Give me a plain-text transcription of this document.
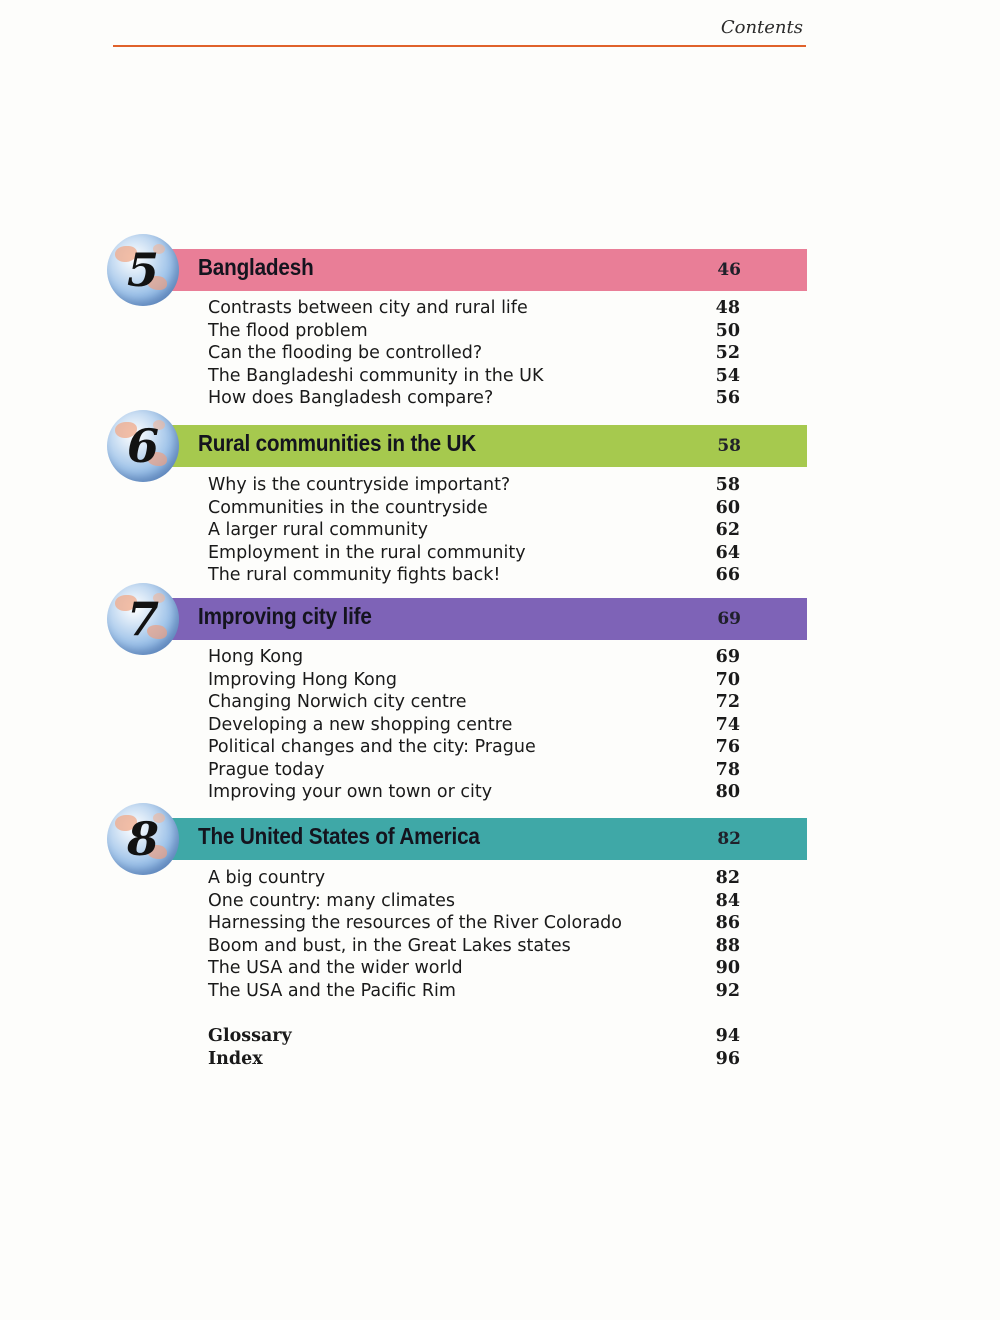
Contents
Bangladesh	46
5
Contrasts between city and rural life	48
The flood problem	50
Can the flooding be controlled?	52
The Bangladeshi community in the UK	54
How does Bangladesh compare?	56
Rural communities in the UK	58
6
Why is the countryside important?	58
Communities in the countryside	60
A larger rural community	62
Employment in the rural community	64
The rural community fights back!	66
Improving city life	69
7
Hong Kong	69
Improving Hong Kong	70
Changing Norwich city centre	72
Developing a new shopping centre	74
Political changes and the city: Prague	76
Prague today	78
Improving your own town or city	80
The United States of America	82
8
A big country	82
One country: many climates	84
Harnessing the resources of the River Colorado	86
Boom and bust, in the Great Lakes states	88
The USA and the wider world	90
The USA and the Pacific Rim	92
Glossary	94
Index	96
